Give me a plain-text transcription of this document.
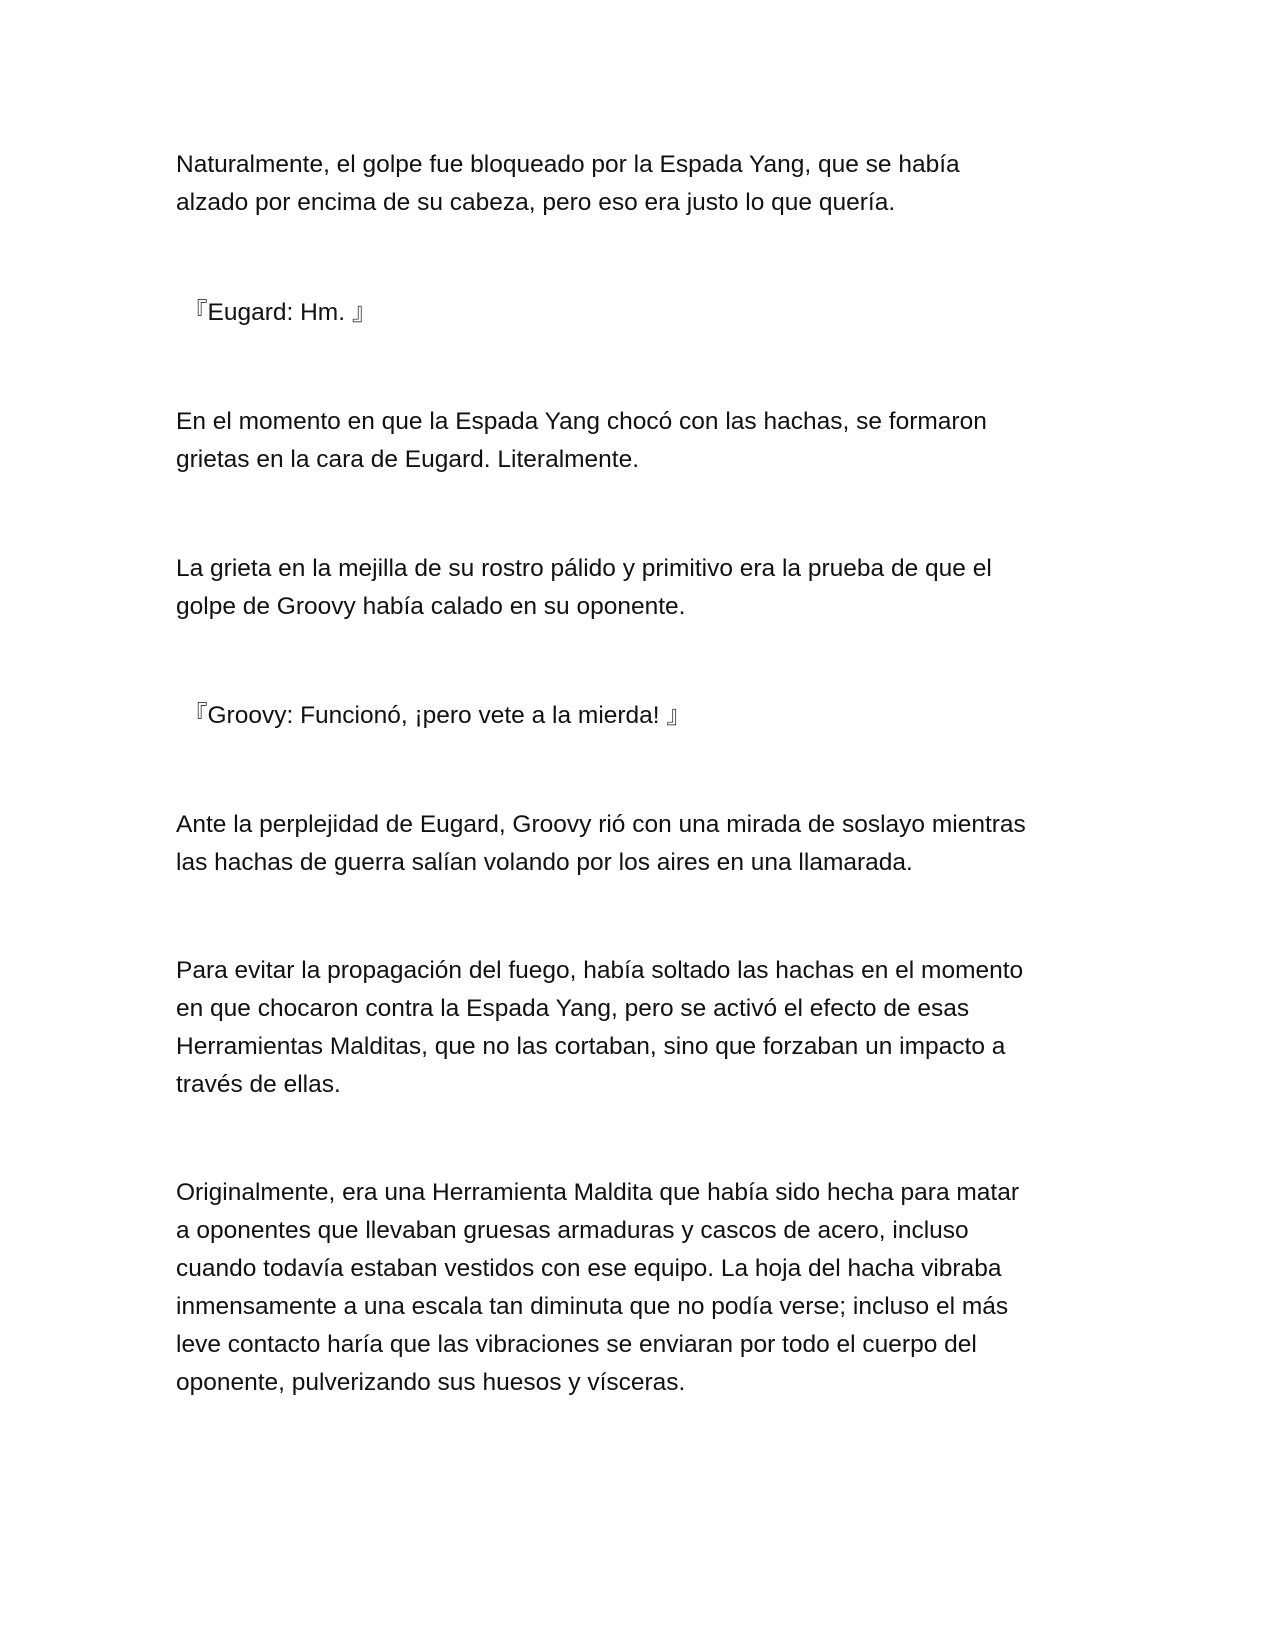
Naturalmente, el golpe fue bloqueado por la Espada Yang, que se había
alzado por encima de su cabeza, pero eso era justo lo que quería.

『Eugard: Hm. 』

En el momento en que la Espada Yang chocó con las hachas, se formaron
grietas en la cara de Eugard. Literalmente.

La grieta en la mejilla de su rostro pálido y primitivo era la prueba de que el
golpe de Groovy había calado en su oponente.

『Groovy: Funcionó, ¡pero vete a la mierda! 』

Ante la perplejidad de Eugard, Groovy rió con una mirada de soslayo mientras
las hachas de guerra salían volando por los aires en una llamarada.

Para evitar la propagación del fuego, había soltado las hachas en el momento
en que chocaron contra la Espada Yang, pero se activó el efecto de esas
Herramientas Malditas, que no las cortaban, sino que forzaban un impacto a
través de ellas.

Originalmente, era una Herramienta Maldita que había sido hecha para matar
a oponentes que llevaban gruesas armaduras y cascos de acero, incluso
cuando todavía estaban vestidos con ese equipo. La hoja del hacha vibraba
inmensamente a una escala tan diminuta que no podía verse; incluso el más
leve contacto haría que las vibraciones se enviaran por todo el cuerpo del
oponente, pulverizando sus huesos y vísceras.
